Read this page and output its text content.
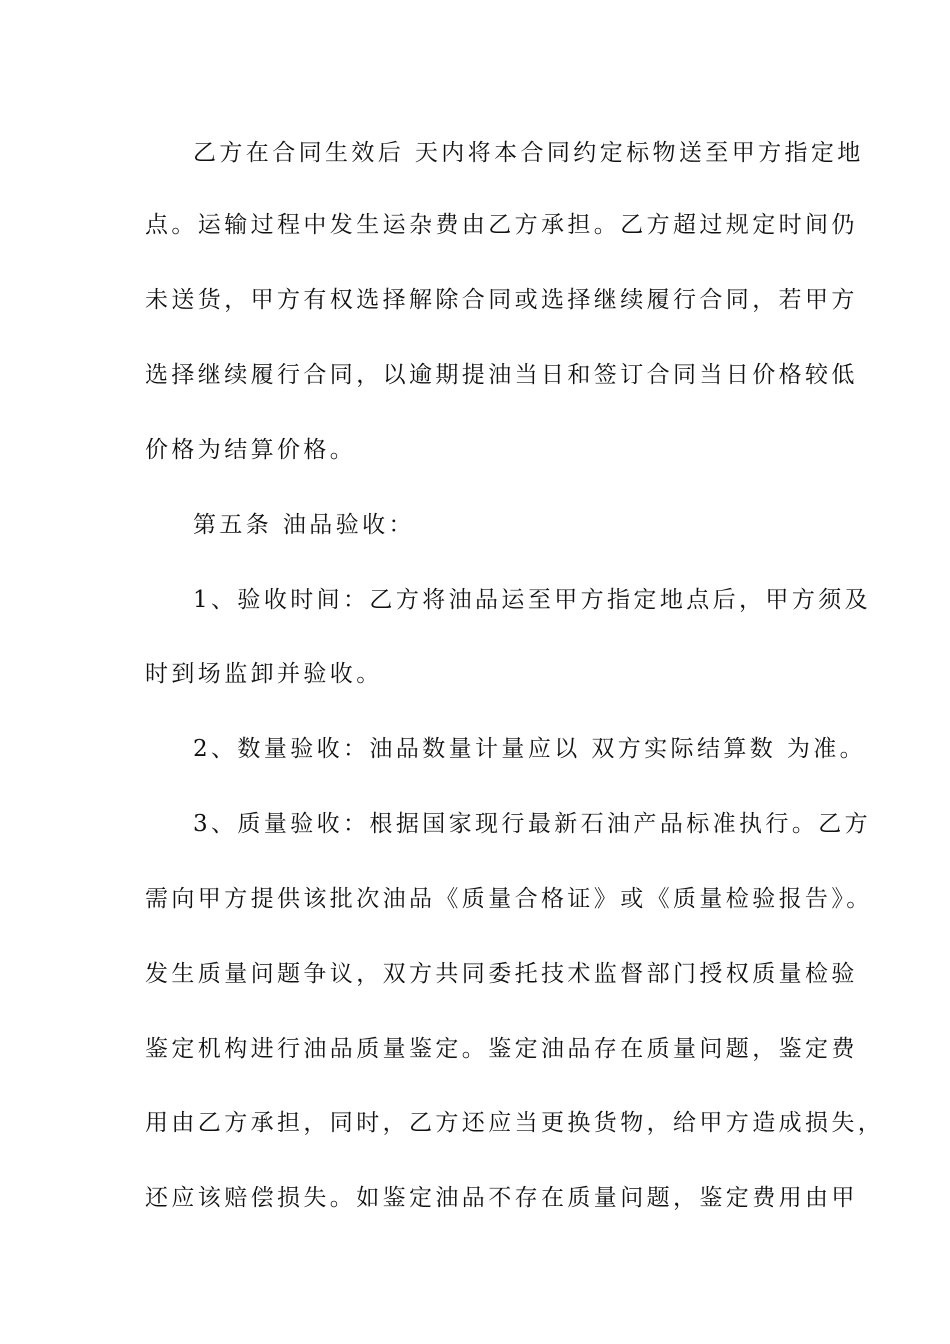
乙方在合同生效后 天内将本合同约定标物送至甲方指定地
点。运输过程中发生运杂费由乙方承担。乙方超过规定时间仍
未送货，甲方有权选择解除合同或选择继续履行合同，若甲方
选择继续履行合同，以逾期提油当日和签订合同当日价格较低
价格为结算价格。
第五条 油品验收：
1、验收时间：乙方将油品运至甲方指定地点后，甲方须及
时到场监卸并验收。
2、数量验收：油品数量计量应以 双方实际结算数 为准。
3、质量验收：根据国家现行最新石油产品标准执行。乙方
需向甲方提供该批次油品《质量合格证》或《质量检验报告》。
发生质量问题争议，双方共同委托技术监督部门授权质量检验
鉴定机构进行油品质量鉴定。鉴定油品存在质量问题，鉴定费
用由乙方承担，同时，乙方还应当更换货物，给甲方造成损失，
还应该赔偿损失。如鉴定油品不存在质量问题，鉴定费用由甲
